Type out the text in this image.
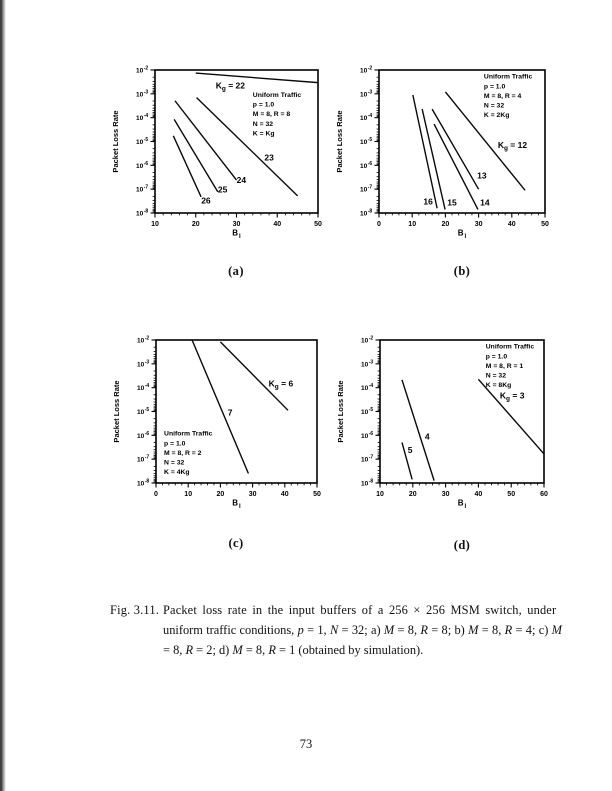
$10^{-2}$
$10^{-3}$
$10^{-4}$
$10^{-5}$
$10^{-6}$
$10^{-7}$
$10^{-8}$
10	20	30	40	50
$K_g = 22$
23
24
25
26
Uniform Traffic
p = 1.0
M = 8, R = 8
N = 32
K = Kg
$B_I$
Packet Loss Rate
$10^{-2}$
$10^{-3}$
$10^{-4}$
$10^{-5}$
$10^{-6}$
$10^{-7}$
$10^{-8}$
0	10	20	30	40	50
$K_g = 12$
13
14
15
16
Uniform Traffic
p = 1.0
M = 8, R = 4
N = 32
K = 2Kg
$B_I$
Packet Loss Rate
$10^{-2}$
$10^{-3}$
$10^{-4}$
$10^{-5}$
$10^{-6}$
$10^{-7}$
$10^{-8}$
0	10	20	30	40	50
$K_g = 6$
7
Uniform Traffic
p = 1.0
M = 8, R = 2
N = 32
K = 4Kg
$B_I$
Packet Loss Rate
$10^{-2}$
$10^{-3}$
$10^{-4}$
$10^{-5}$
$10^{-6}$
$10^{-7}$
$10^{-8}$
10	20	30	40	50	60
$K_g = 3$
4
5
Uniform Traffic
p = 1.0
M = 8, R = 1
N = 32
K = 8Kg
$B_I$
Packet Loss Rate
(a)	(b)
(c)	(d)
Fig. 3.11. Packet loss rate in the input buffers of a 256 × 256 MSM switch, under
uniform traffic conditions, p = 1, N = 32; a) M = 8, R = 8; b) M = 8, R = 4; c) M
= 8, R = 2; d) M = 8, R = 1 (obtained by simulation).
73
